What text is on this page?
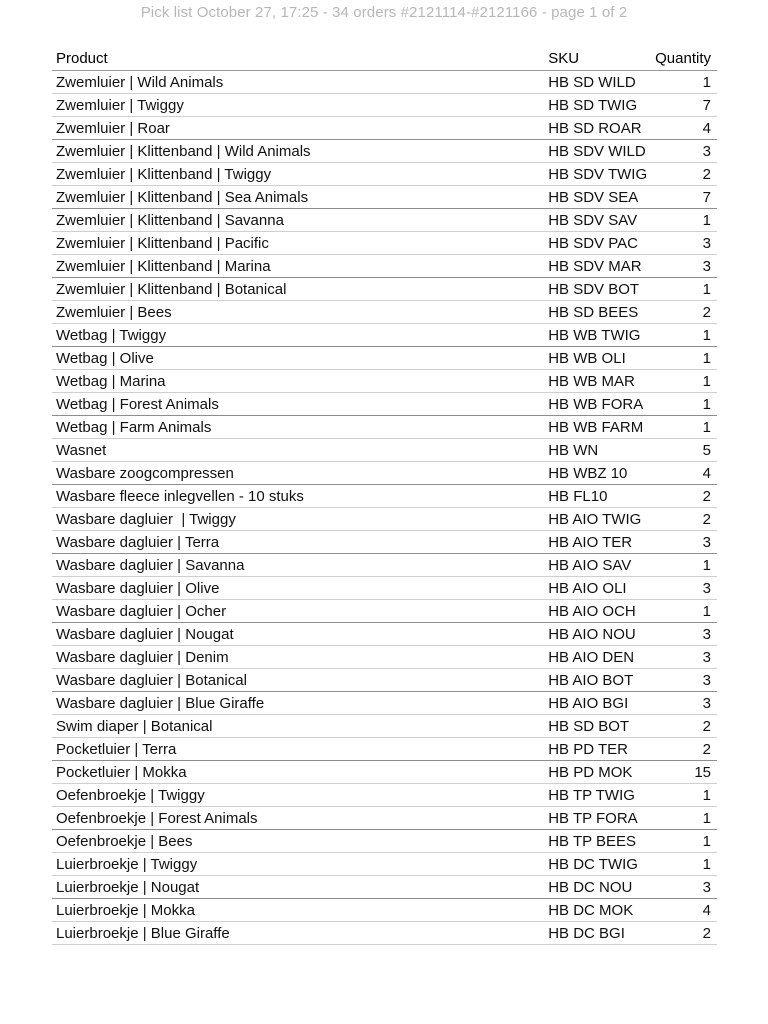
Pick list October 27, 17:25 - 34 orders #2121114-#2121166 - page 1 of 2
Product	SKU	Quantity
Zwemluier | Wild Animals	HB SD WILD	1
Zwemluier | Twiggy	HB SD TWIG	7
Zwemluier | Roar	HB SD ROAR	4
Zwemluier | Klittenband | Wild Animals	HB SDV WILD	3
Zwemluier | Klittenband | Twiggy	HB SDV TWIG	2
Zwemluier | Klittenband | Sea Animals	HB SDV SEA	7
Zwemluier | Klittenband | Savanna	HB SDV SAV	1
Zwemluier | Klittenband | Pacific	HB SDV PAC	3
Zwemluier | Klittenband | Marina	HB SDV MAR	3
Zwemluier | Klittenband | Botanical	HB SDV BOT	1
Zwemluier | Bees	HB SD BEES	2
Wetbag | Twiggy	HB WB TWIG	1
Wetbag | Olive	HB WB OLI	1
Wetbag | Marina	HB WB MAR	1
Wetbag | Forest Animals	HB WB FORA	1
Wetbag | Farm Animals	HB WB FARM	1
Wasnet	HB WN	5
Wasbare zoogcompressen	HB WBZ 10	4
Wasbare fleece inlegvellen - 10 stuks	HB FL10	2
Wasbare dagluier  | Twiggy	HB AIO TWIG	2
Wasbare dagluier | Terra	HB AIO TER	3
Wasbare dagluier | Savanna	HB AIO SAV	1
Wasbare dagluier | Olive	HB AIO OLI	3
Wasbare dagluier | Ocher	HB AIO OCH	1
Wasbare dagluier | Nougat	HB AIO NOU	3
Wasbare dagluier | Denim	HB AIO DEN	3
Wasbare dagluier | Botanical	HB AIO BOT	3
Wasbare dagluier | Blue Giraffe	HB AIO BGI	3
Swim diaper | Botanical	HB SD BOT	2
Pocketluier | Terra	HB PD TER	2
Pocketluier | Mokka	HB PD MOK	15
Oefenbroekje | Twiggy	HB TP TWIG	1
Oefenbroekje | Forest Animals	HB TP FORA	1
Oefenbroekje | Bees	HB TP BEES	1
Luierbroekje | Twiggy	HB DC TWIG	1
Luierbroekje | Nougat	HB DC NOU	3
Luierbroekje | Mokka	HB DC MOK	4
Luierbroekje | Blue Giraffe	HB DC BGI	2
